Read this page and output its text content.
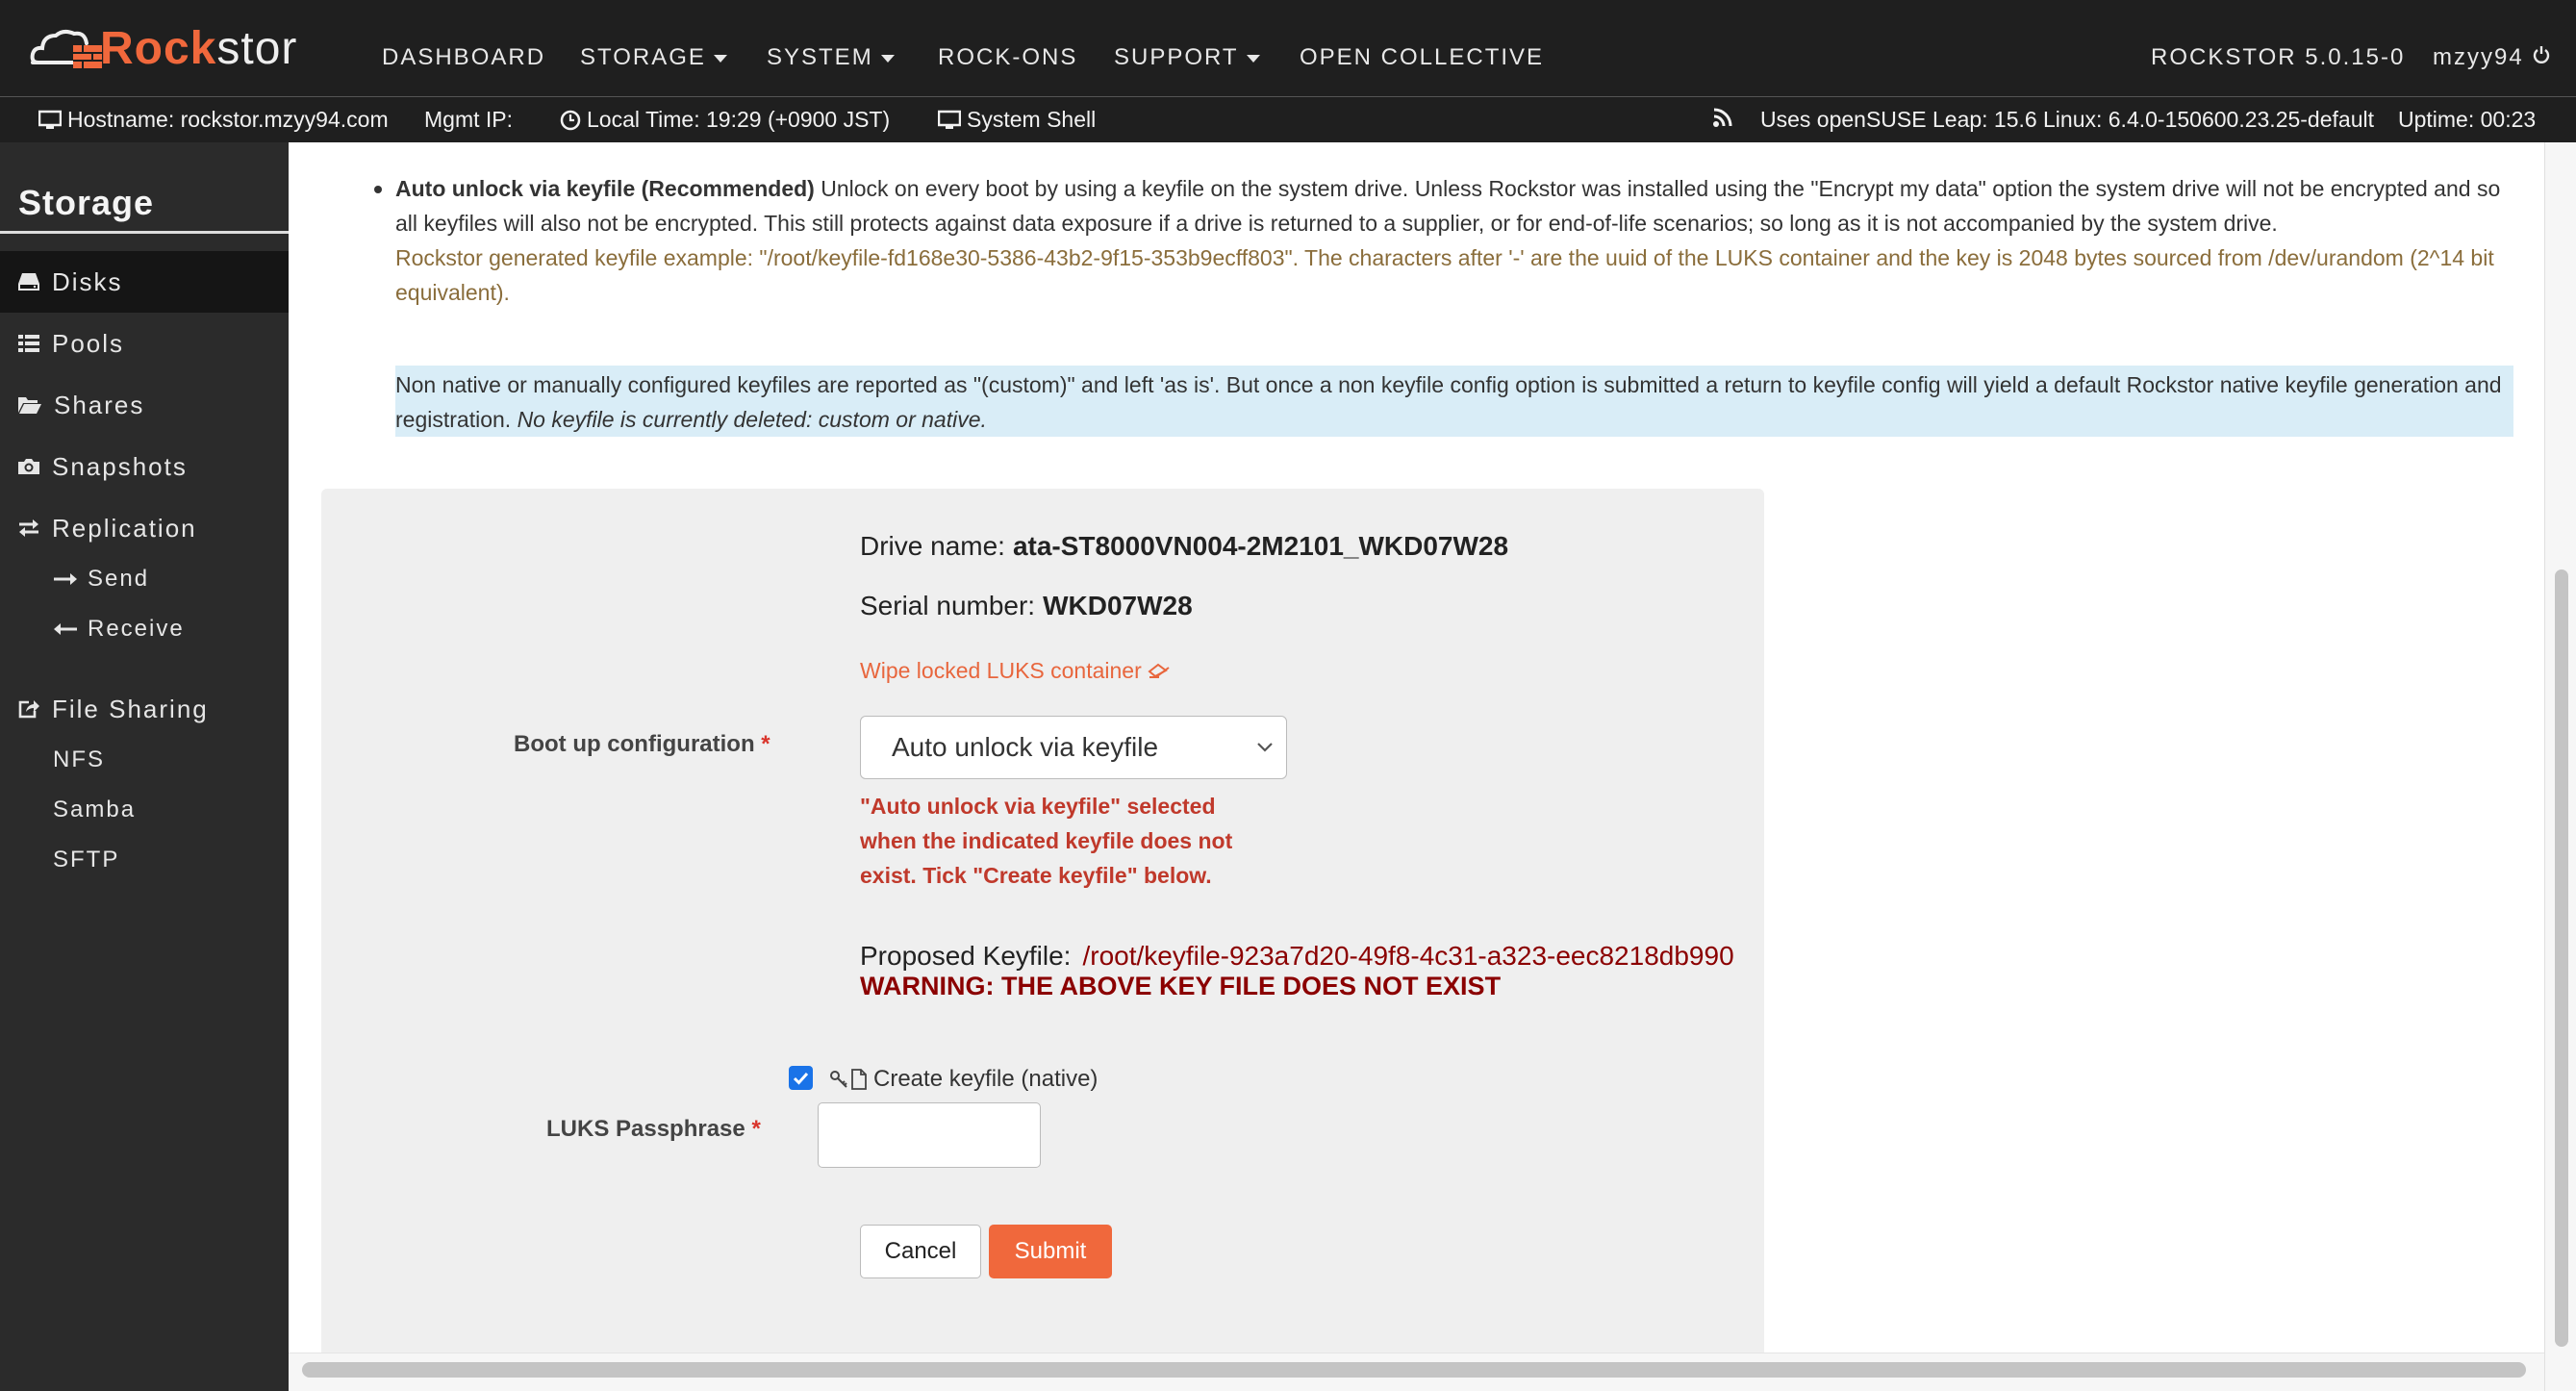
Rockstor	DASHBOARD STORAGE	SYSTEM	ROCK-ONS SUPPORT	OPEN COLLECTIVE	ROCKSTOR 5.0.15-0 mzyy94
Hostname: rockstor.mzyy94.com Mgmt IP:	Local Time: 19:29 (+0900 JST)	System Shell	Uses openSUSE Leap: 15.6 Linux: 6.4.0-150600.23.25-default Uptime: 00:23
Storage
Disks
Pools
Shares
Snapshots
Replication
Send
Receive
File Sharing
NFS
Samba
SFTP
Auto unlock via keyfile (Recommended) Unlock on every boot by using a keyfile on the system drive. Unless Rockstor was installed using the "Encrypt my data" option the system drive will not be encrypted and so all keyfiles will also not be encrypted. This still protects against data exposure if a drive is returned to a supplier, or for end-of-life scenarios; so long as it is not accompanied by the system drive.
Rockstor generated keyfile example: "/root/keyfile-fd168e30-5386-43b2-9f15-353b9ecff803". The characters after '-' are the uuid of the LUKS container and the key is 2048 bytes sourced from /dev/urandom (2^14 bit equivalent).
Non native or manually configured keyfiles are reported as "(custom)" and left 'as is'. But once a non keyfile config option is submitted a return to keyfile config will yield a default Rockstor native keyfile generation and registration. No keyfile is currently deleted: custom or native.
Drive name: ata-ST8000VN004-2M2101_WKD07W28
Serial number: WKD07W28
Wipe locked LUKS container
Boot up configuration *	Auto unlock via keyfile
"Auto unlock via keyfile" selected when the indicated keyfile does not exist. Tick "Create keyfile" below.
Proposed Keyfile: /root/keyfile-923a7d20-49f8-4c31-a323-eec8218db990
WARNING: THE ABOVE KEY FILE DOES NOT EXIST
Create keyfile (native)
LUKS Passphrase *
Cancel	Submit
